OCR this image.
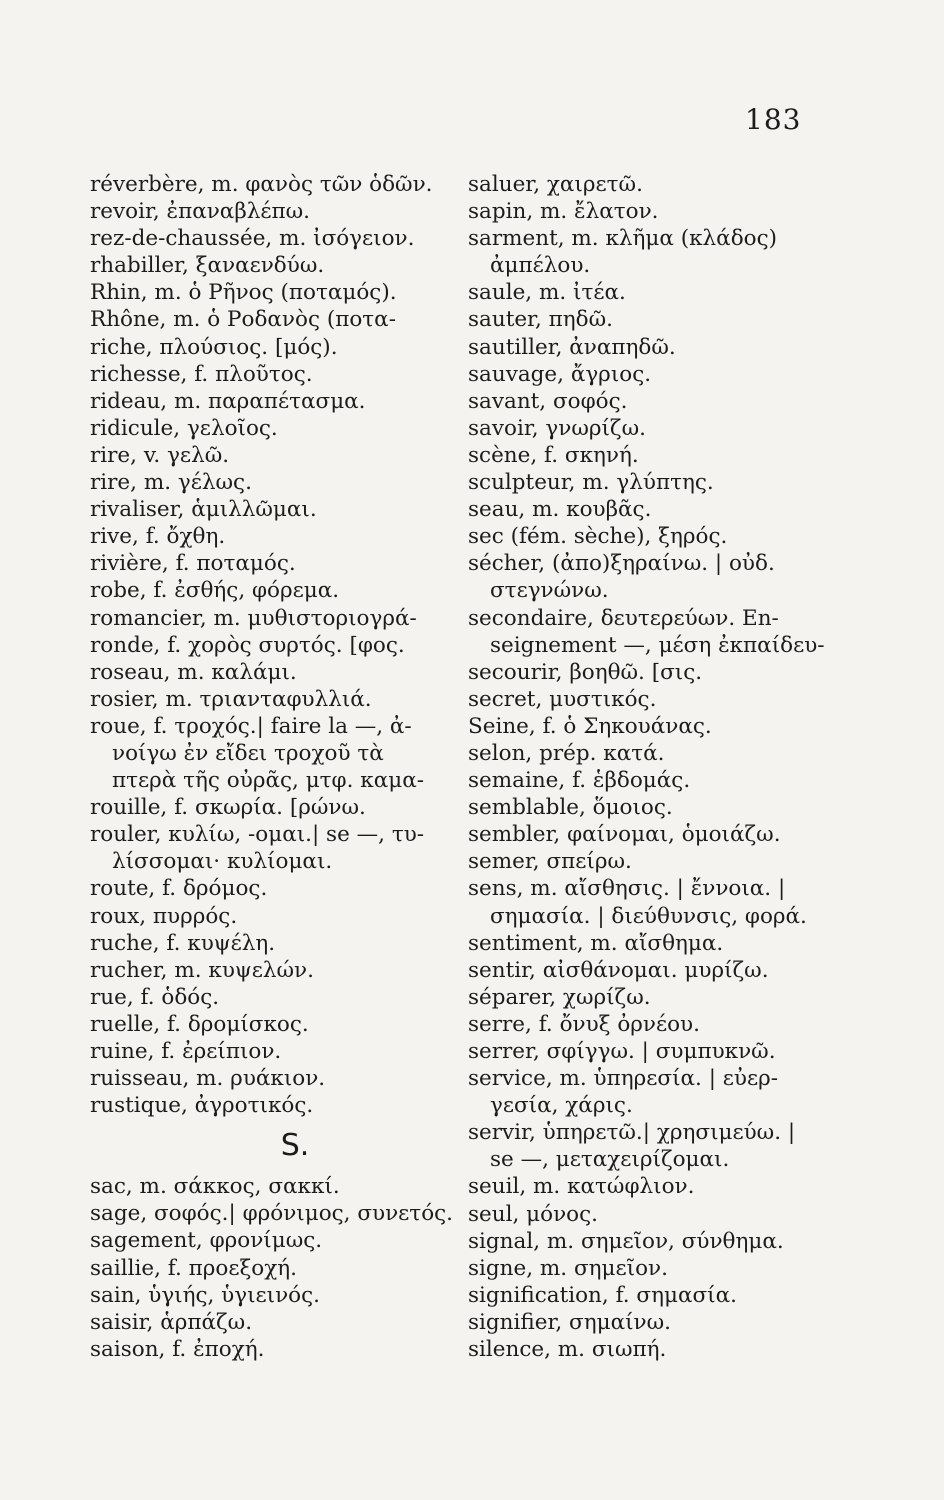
183
réverbère, m. φανὸς τῶν ὁδῶν.
revoir, ἐπαναβλέπω.
rez-de-chaussée, m. ἰσόγειον.
rhabiller, ξαναενδύω.
Rhin, m. ὁ Ρῆνος (ποταμός).
Rhône, m. ὁ Ροδανὸς (ποτα-
riche, πλούσιος. [μός).
richesse, f. πλοῦτος.
rideau, m. παραπέτασμα.
ridicule, γελοῖος.
rire, v. γελῶ.
rire, m. γέλως.
rivaliser, ἁμιλλῶμαι.
rive, f. ὄχθη.
rivière, f. ποταμός.
robe, f. ἐσθής, φόρεμα.
romancier, m. μυθιστοριογρά-
ronde, f. χορὸς συρτός. [φος.
roseau, m. καλάμι.
rosier, m. τριανταφυλλιά.
roue, f. τροχός.| faire la —, ἀ-
νοίγω ἐν εἴδει τροχοῦ τὰ
πτερὰ τῆς οὐρᾶς, μτφ. καμα-
rouille, f. σκωρία. [ρώνω.
rouler, κυλίω, -ομαι.| se —, τυ-
λίσσομαι· κυλίομαι.
route, f. δρόμος.
roux, πυρρός.
ruche, f. κυψέλη.
rucher, m. κυψελών.
rue, f. ὁδός.
ruelle, f. δρομίσκος.
ruine, f. ἐρείπιον.
ruisseau, m. ρυάκιον.
rustique, ἀγροτικός.
S.
sac, m. σάκκος, σακκί.
sage, σοφός.| φρόνιμος, συνετός.
sagement, φρονίμως.
saillie, f. προεξοχή.
sain, ὑγιής, ὑγιεινός.
saisir, ἁρπάζω.
saison, f. ἐποχή.
saluer, χαιρετῶ.
sapin, m. ἔλατον.
sarment, m. κλῆμα (κλάδος)
ἀμπέλου.
saule, m. ἰτέα.
sauter, πηδῶ.
sautiller, ἀναπηδῶ.
sauvage, ἄγριος.
savant, σοφός.
savoir, γνωρίζω.
scène, f. σκηνή.
sculpteur, m. γλύπτης.
seau, m. κουβᾶς.
sec (fém. sèche), ξηρός.
sécher, (ἀπο)ξηραίνω. | οὐδ.
στεγνώνω.
secondaire, δευτερεύων. En-
seignement —, μέση ἐκπαίδευ-
secourir, βοηθῶ. [σις.
secret, μυστικός.
Seine, f. ὁ Σηκουάνας.
selon, prép. κατά.
semaine, f. ἑβδομάς.
semblable, ὅμοιος.
sembler, φαίνομαι, ὁμοιάζω.
semer, σπείρω.
sens, m. αἴσθησις. | ἔννοια. |
σημασία. | διεύθυνσις, φορά.
sentiment, m. αἴσθημα.
sentir, αἰσθάνομαι. μυρίζω.
séparer, χωρίζω.
serre, f. ὄνυξ ὀρνέου.
serrer, σφίγγω. | συμπυκνῶ.
service, m. ὑπηρεσία. | εὐερ-
γεσία, χάρις.
servir, ὑπηρετῶ.| χρησιμεύω. |
se —, μεταχειρίζομαι.
seuil, m. κατώφλιον.
seul, μόνος.
signal, m. σημεῖον, σύνθημα.
signe, m. σημεῖον.
signification, f. σημασία.
signifier, σημαίνω.
silence, m. σιωπή.
